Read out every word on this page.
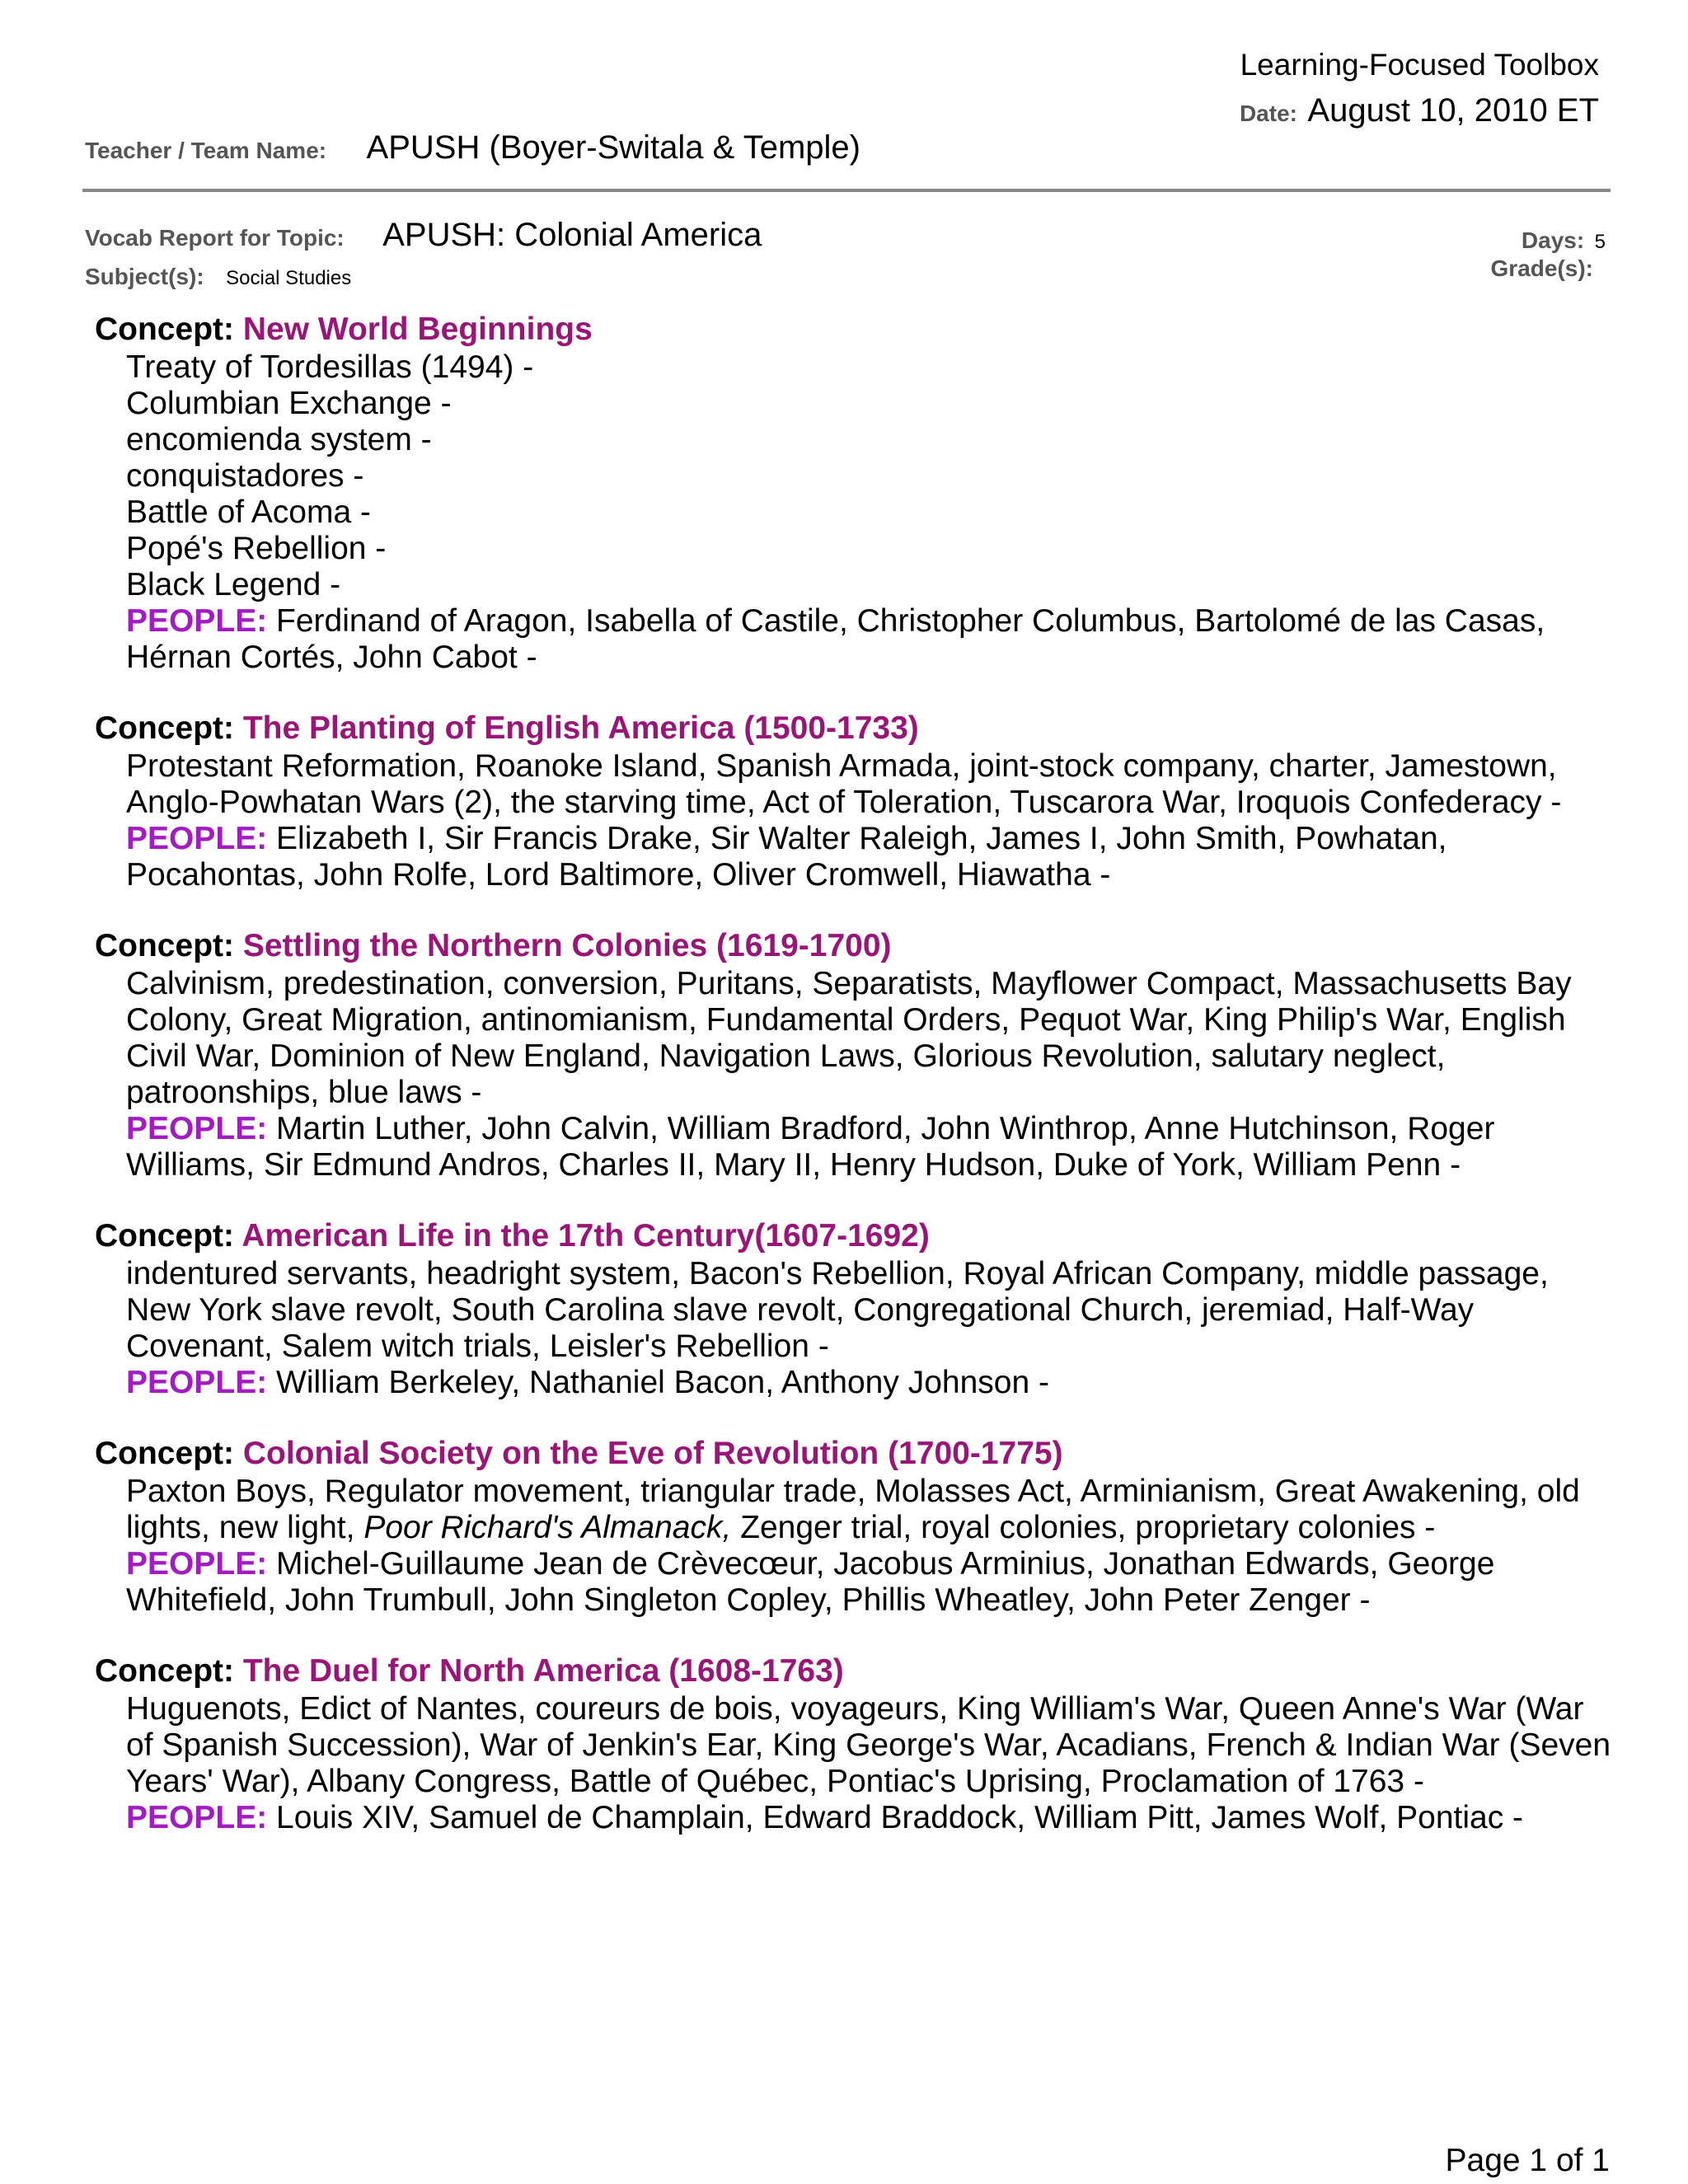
Learning-Focused Toolbox
Date: August 10, 2010 ET
Teacher / Team Name: APUSH (Boyer-Switala & Temple)
Vocab Report for Topic: APUSH: Colonial America
Subject(s): Social Studies
Days: 5
Grade(s):
Concept: New World Beginnings
Treaty of Tordesillas (1494) -
Columbian Exchange -
encomienda system -
conquistadores -
Battle of Acoma -
Popé's Rebellion -
Black Legend -
PEOPLE: Ferdinand of Aragon, Isabella of Castile, Christopher Columbus, Bartolomé de las Casas, Hérnan Cortés, John Cabot -
Concept: The Planting of English America (1500-1733)
Protestant Reformation, Roanoke Island, Spanish Armada, joint-stock company, charter, Jamestown, Anglo-Powhatan Wars (2), the starving time, Act of Toleration, Tuscarora War, Iroquois Confederacy -
PEOPLE: Elizabeth I, Sir Francis Drake, Sir Walter Raleigh, James I, John Smith, Powhatan, Pocahontas, John Rolfe, Lord Baltimore, Oliver Cromwell, Hiawatha -
Concept: Settling the Northern Colonies (1619-1700)
Calvinism, predestination, conversion, Puritans, Separatists, Mayflower Compact, Massachusetts Bay Colony, Great Migration, antinomianism, Fundamental Orders, Pequot War, King Philip's War, English Civil War, Dominion of New England, Navigation Laws, Glorious Revolution, salutary neglect, patroonships, blue laws -
PEOPLE: Martin Luther, John Calvin, William Bradford, John Winthrop, Anne Hutchinson, Roger Williams, Sir Edmund Andros, Charles II, Mary II, Henry Hudson, Duke of York, William Penn -
Concept: American Life in the 17th Century(1607-1692)
indentured servants, headright system, Bacon's Rebellion, Royal African Company, middle passage, New York slave revolt, South Carolina slave revolt, Congregational Church, jeremiad, Half-Way Covenant, Salem witch trials, Leisler's Rebellion -
PEOPLE: William Berkeley, Nathaniel Bacon, Anthony Johnson -
Concept: Colonial Society on the Eve of Revolution (1700-1775)
Paxton Boys, Regulator movement, triangular trade, Molasses Act, Arminianism, Great Awakening, old lights, new light, Poor Richard's Almanack, Zenger trial, royal colonies, proprietary colonies -
PEOPLE: Michel-Guillaume Jean de Crèvecœur, Jacobus Arminius, Jonathan Edwards, George Whitefield, John Trumbull, John Singleton Copley, Phillis Wheatley, John Peter Zenger -
Concept: The Duel for North America (1608-1763)
Huguenots, Edict of Nantes, coureurs de bois, voyageurs, King William's War, Queen Anne's War (War of Spanish Succession), War of Jenkin's Ear, King George's War, Acadians, French & Indian War (Seven Years' War), Albany Congress, Battle of Québec, Pontiac's Uprising, Proclamation of 1763 -
PEOPLE: Louis XIV, Samuel de Champlain, Edward Braddock, William Pitt, James Wolf, Pontiac -
Page 1 of 1
